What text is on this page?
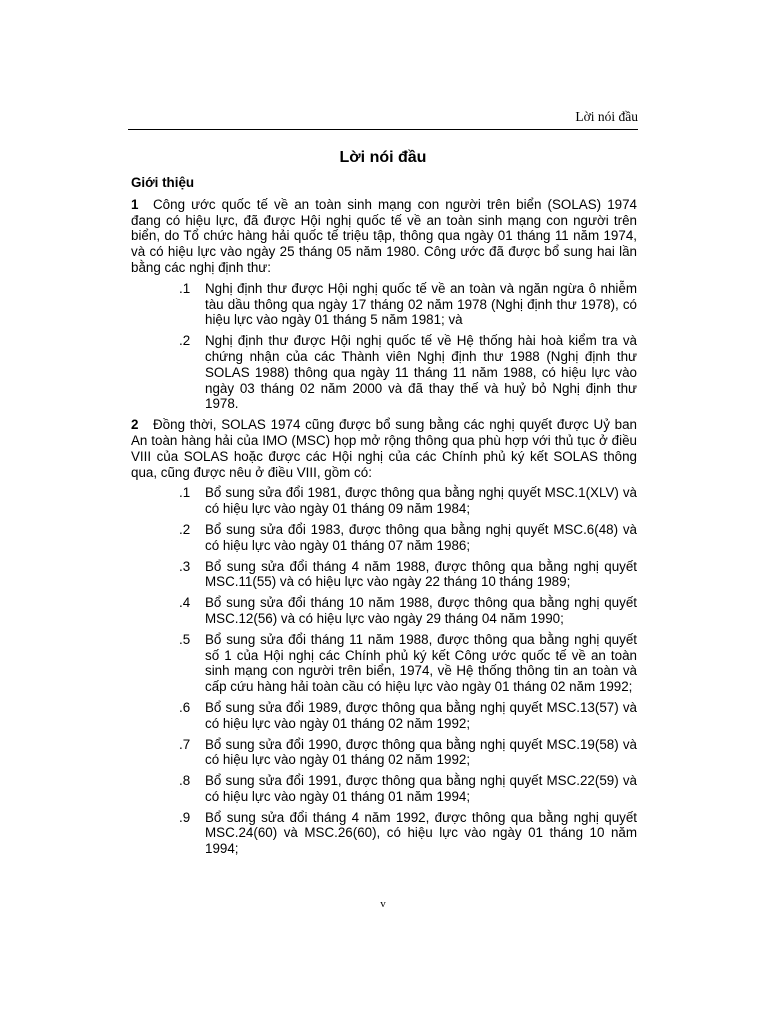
Lời nói đầu
Lời nói đầu
Giới thiệu

1 Công ước quốc tế về an toàn sinh mạng con người trên biển (SOLAS) 1974 đang có hiệu lực, đã được Hội nghị quốc tế về an toàn sinh mạng con người trên biển, do Tổ chức hàng hải quốc tế triệu tập, thông qua ngày 01 tháng 11 năm 1974, và có hiệu lực vào ngày 25 tháng 05 năm 1980. Công ước đã được bổ sung hai lần bằng các nghị định thư:

.1	Nghị định thư được Hội nghị quốc tế về an toàn và ngăn ngừa ô nhiễm tàu dầu thông qua ngày 17 tháng 02 năm 1978 (Nghị định thư 1978), có hiệu lực vào ngày 01 tháng 5 năm 1981; và
.2	Nghị định thư được Hội nghị quốc tế về Hệ thống hài hoà kiểm tra và chứng nhận của các Thành viên Nghị định thư 1988 (Nghị định thư SOLAS 1988) thông qua ngày 11 tháng 11 năm 1988, có hiệu lực vào ngày 03 tháng 02 năm 2000 và đã thay thế và huỷ bỏ Nghị định thư 1978.

2 Đồng thời, SOLAS 1974 cũng được bổ sung bằng các nghị quyết được Uỷ ban An toàn hàng hải của IMO (MSC) họp mở rộng thông qua phù hợp với thủ tục ở điều VIII của SOLAS hoặc được các Hội nghị của các Chính phủ ký kết SOLAS thông qua, cũng được nêu ở điều VIII, gồm có:

.1	Bổ sung sửa đổi 1981, được thông qua bằng nghị quyết MSC.1(XLV) và có hiệu lực vào ngày 01 tháng 09 năm 1984;
.2	Bổ sung sửa đổi 1983, được thông qua bằng nghị quyết MSC.6(48) và có hiệu lực vào ngày 01 tháng 07 năm 1986;
.3	Bổ sung sửa đổi tháng 4 năm 1988, được thông qua bằng nghị quyết MSC.11(55) và có hiệu lực vào ngày 22 tháng 10 tháng 1989;
.4	Bổ sung sửa đổi tháng 10 năm 1988, được thông qua bằng nghị quyết MSC.12(56) và có hiệu lực vào ngày 29 tháng 04 năm 1990;
.5	Bổ sung sửa đổi tháng 11 năm 1988, được thông qua bằng nghị quyết số 1 của Hội nghị các Chính phủ ký kết Công ước quốc tế về an toàn sinh mạng con người trên biển, 1974, về Hệ thống thông tin an toàn và cấp cứu hàng hải toàn cầu có hiệu lực vào ngày 01 tháng 02 năm 1992;
.6	Bổ sung sửa đổi 1989, được thông qua bằng nghị quyết MSC.13(57) và có hiệu lực vào ngày 01 tháng 02 năm 1992;
.7	Bổ sung sửa đổi 1990, được thông qua bằng nghị quyết MSC.19(58) và có hiệu lực vào ngày 01 tháng 02 năm 1992;
.8	Bổ sung sửa đổi 1991, được thông qua bằng nghị quyết MSC.22(59) và có hiệu lực vào ngày 01 tháng 01 năm 1994;
.9	Bổ sung sửa đổi tháng 4 năm 1992, được thông qua bằng nghị quyết MSC.24(60) và MSC.26(60), có hiệu lực vào ngày 01 tháng 10 năm 1994;
v
